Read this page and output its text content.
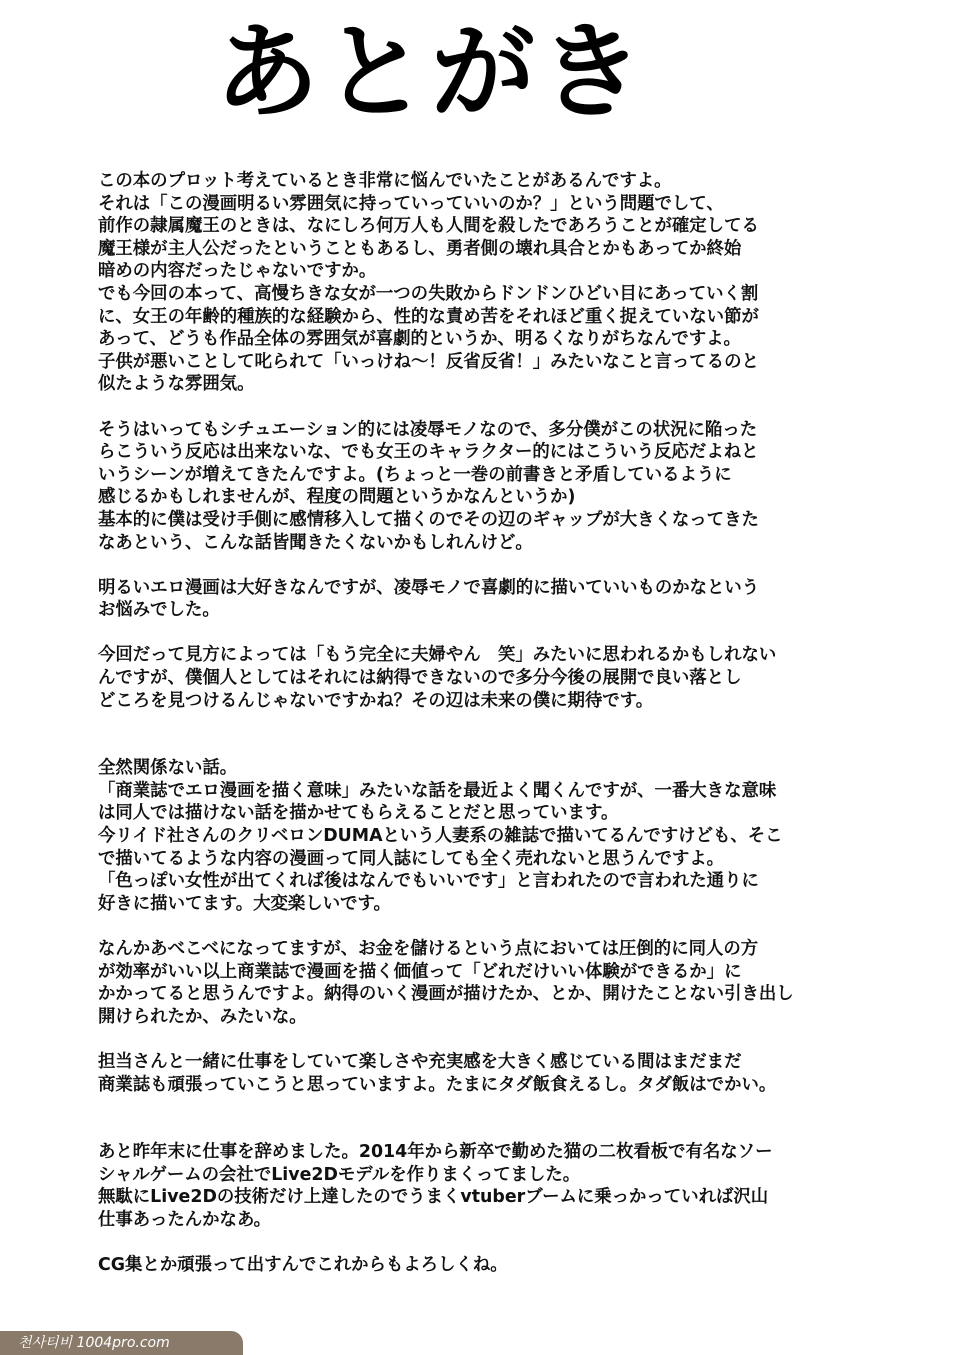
あとがき
この本のプロット考えているとき非常に悩んでいたことがあるんですよ。
それは「この漫画明るい雰囲気に持っていっていいのか？」という問題でして、
前作の隷属魔王のときは、なにしろ何万人も人間を殺したであろうことが確定してる
魔王様が主人公だったということもあるし、勇者側の壊れ具合とかもあってか終始
暗めの内容だったじゃないですか。
でも今回の本って、高慢ちきな女が一つの失敗からドンドンひどい目にあっていく割
に、女王の年齢的種族的な経験から、性的な責め苦をそれほど重く捉えていない節が
あって、どうも作品全体の雰囲気が喜劇的というか、明るくなりがちなんですよ。
子供が悪いことして叱られて「いっけね〜！反省反省！」みたいなこと言ってるのと
似たような雰囲気。
そうはいってもシチュエーション的には凌辱モノなので、多分僕がこの状況に陥った
らこういう反応は出来ないな、でも女王のキャラクター的にはこういう反応だよねと
いうシーンが増えてきたんですよ。(ちょっと一巻の前書きと矛盾しているように
感じるかもしれませんが、程度の問題というかなんというか)
基本的に僕は受け手側に感情移入して描くのでその辺のギャップが大きくなってきた
なあという、こんな話皆聞きたくないかもしれんけど。
明るいエロ漫画は大好きなんですが、凌辱モノで喜劇的に描いていいものかなという
お悩みでした。
今回だって見方によっては「もう完全に夫婦やん　笑」みたいに思われるかもしれない
んですが、僕個人としてはそれには納得できないので多分今後の展開で良い落とし
どころを見つけるんじゃないですかね？その辺は未来の僕に期待です。
全然関係ない話。
「商業誌でエロ漫画を描く意味」みたいな話を最近よく聞くんですが、一番大きな意味
は同人では描けない話を描かせてもらえることだと思っています。
今リイド社さんのクリベロンDUMAという人妻系の雑誌で描いてるんですけども、そこ
で描いてるような内容の漫画って同人誌にしても全く売れないと思うんですよ。
「色っぽい女性が出てくれば後はなんでもいいです」と言われたので言われた通りに
好きに描いてます。大変楽しいです。
なんかあべこべになってますが、お金を儲けるという点においては圧倒的に同人の方
が効率がいい以上商業誌で漫画を描く価値って「どれだけいい体験ができるか」に
かかってると思うんですよ。納得のいく漫画が描けたか、とか、開けたことない引き出し
開けられたか、みたいな。
担当さんと一緒に仕事をしていて楽しさや充実感を大きく感じている間はまだまだ
商業誌も頑張っていこうと思っていますよ。たまにタダ飯食えるし。タダ飯はでかい。
あと昨年末に仕事を辞めました。2014年から新卒で勤めた猫の二枚看板で有名なソー
シャルゲームの会社でLive2Dモデルを作りまくってました。
無駄にLive2Dの技術だけ上達したのでうまくvtuberブームに乗っかっていれば沢山
仕事あったんかなあ。
CG集とか頑張って出すんでこれからもよろしくね。
천사티비 1004pro.com
